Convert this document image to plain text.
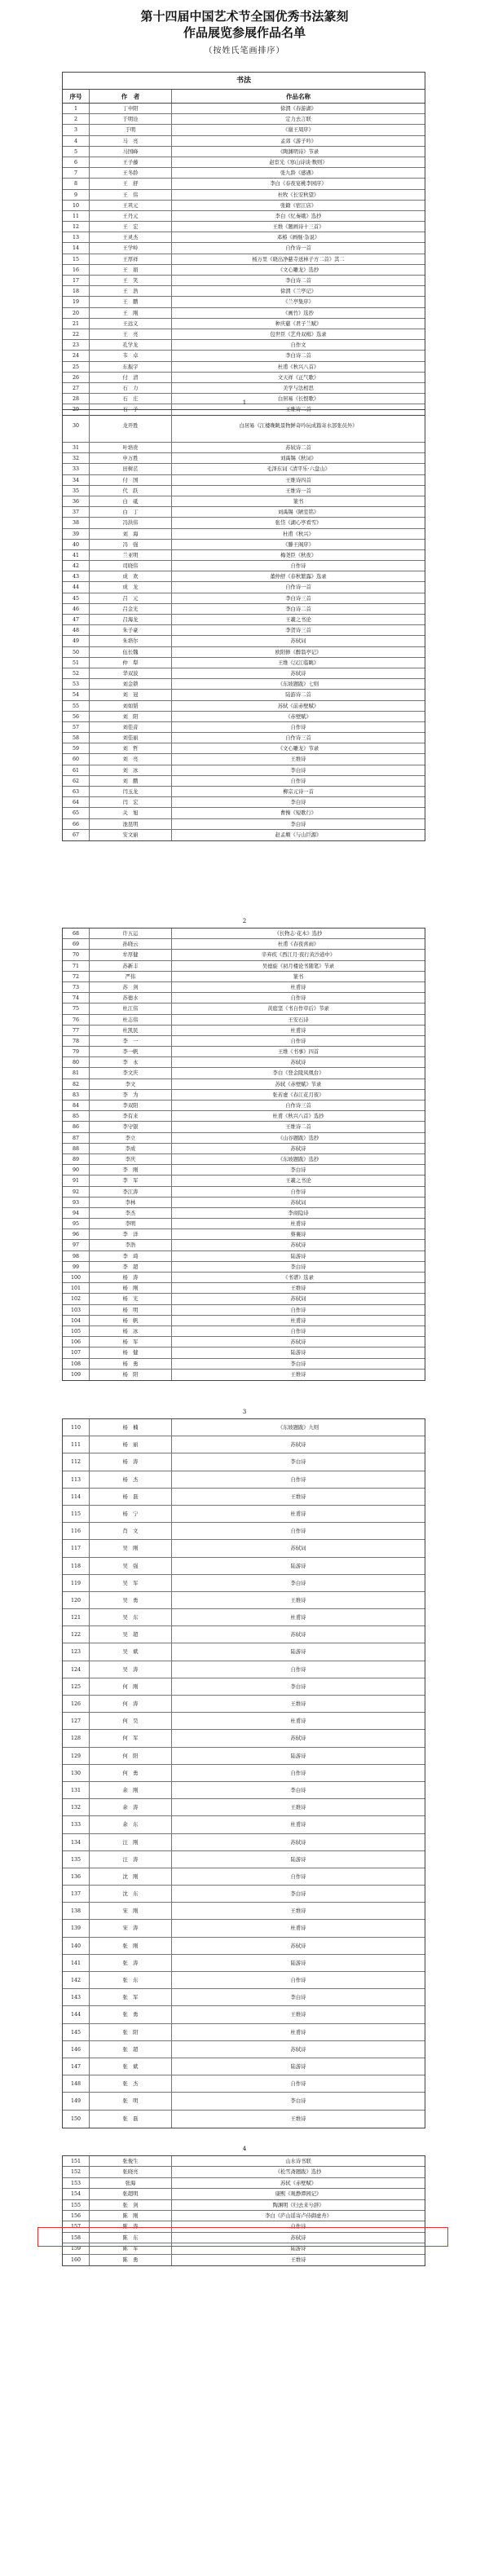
第十四届中国艺术节全国优秀书法篆刻
作品展览参展作品名单
（按姓氏笔画排序）
书法
序号	作　者	作品名称
1	丁申阳	徐渭《春游湖》
2	于明诠	定力去言联
3	于明	《谢王周序》
4	马　亮	孟郊《游子吟》
5	马国峰	《陶渊明诗》节录
6	王子藤	赵宦光《寒山诗谈·数则》
7	王冬龄	张九龄《感遇》
8	王　舒	李白《春夜宴桃李园序》
9	王　伟	杜牧《长安秋望》
10	王巩元	张籍《宿江店》
11	王丹元	李白《忆秦娥》选抄
12	王　宏	王维《题画诗十三首》
13	王灵杰	邓椿《画继·杂说》
14	王学岭	自作诗一首
15	王厚祥	杨万里《晓出净慈寺送林子方二首》其二
16	王　娟	《文心雕龙》选抄
17	王　笑	李白诗二首
18	王　浩	徐渭《兰亭记》
19	王　鹏	《兰亭集序》
20	王　刚	《画竹》选抄
21	王远义	种庆慈《君子兰赋》
22	王　亮	包世臣《艺舟双楫》选录
23	孔学龙	自作文
24	韦　卓	李白诗二首
25	东振宇	杜甫《秋兴八首》
26	付　清	文天祥《正气歌》
27	石　力	美学与法相思
28	石　庄	白居易《长恨歌》
29	石　子	王维诗二首
1
30	龙开胜	白居易《江楼晚眺景物鲜奇吟玩成篇寄水部张员外》
31	叶培贵	苏轼诗二首
32	申万胜	刘禹锡《秋词》
33	田树苌	毛泽东词《清平乐·六盘山》
34	付　国	王维诗四首
35	代　跃	王维诗一首
36	白　砥	篆书
37	白　丁	刘禹锡《陋室铭》
38	冯洪伟	张岱《湖心亭看雪》
39	刘　海	杜甫《秋兴》
40	冯　强	《滕王阁序》
41	兰亚明	梅尧臣《秋夜》
42	司晓伟	自作诗
43	成　欢	董仲舒《春秋繁露》选录
44	成　龙	自作诗一首
45	吕　元	李白诗三首
46	吕金光	李白诗二首
47	吕海龙	王羲之书论
48	朱子豪	李贺诗三首
49	朱培尔	苏轼词
50	伍长魏	欧阳修《醉翁亭记》
51	仲　犁	王维《汉江临眺》
52	华双波	苏轼诗
53	刘金锁	《东坡题跋》七则
54	刘　冠	陆游诗二首
55	刘如韬	苏轼《前赤壁赋》
56	刘　阳	《赤壁赋》
57	刘佳音	自作诗
58	刘佳丽	自作诗三首
59	刘　哲	《文心雕龙》节录
60	刘　亮	王维诗
61	刘　冰	李白诗
62	刘　鹏	自作诗
63	闫玉龙	柳宗元诗一首
64	闫　宏	李白诗
65	关　旭	曹操《短歌行》
66	池昆明	李白诗
67	安文丽	赵孟頫《与山巨源》
2
68	许五运	《长物志·花木》选抄
69	孙晓云	杜甫《春夜喜雨》
70	牟厚健	辛弃疾《西江月·夜行黄沙道中》
71	苏新丰	吴德旋《初月楼论书随笔》节录
72	严伟	篆书
73	苏　剑	杜甫诗
74	苏德水	自作诗
75	杜江伟	黄庭坚《书自作草后》节录
76	杜志伟	王安石诗
77	杜凯民	杜甫诗
78	李　一	自作诗
79	李一帆	王维《书事》四首
80	李　永	苏轼诗
81	李文庆	李白《登金陵凤凰台》
82	李文	苏轼《赤壁赋》节录
83	李　为	张若虚《春江花月夜》
84	李双阳	自作诗三首
85	李有来	杜甫《秋兴八首》选抄
86	李守银	王维诗二首
87	李立	《山谷题跋》选抄
88	李成	苏轼诗
89	李庆	《东坡题跋》选抄
90	李　刚	李白诗
91	李　军	王羲之书论
92	李江涛	自作诗
93	李林	苏轼词
94	李杰	李商隐诗
95	李明	杜甫诗
96	李　洋	蔡襄诗
97	李浩	苏轼诗
98	李　琦	陆游诗
99	李　超	李白诗
100	杨　涛	《书谱》选录
101	杨　刚	王维诗
102	杨　光	苏轼词
103	杨　明	自作诗
104	杨　帆	杜甫诗
105	杨　冰	自作诗
106	杨　军	苏轼诗
107	杨　健	陆游诗
108	杨　勇	李白诗
109	杨　阳	王维诗
3
110	杨　楠	《东坡题跋》九则
111	杨　丽	苏轼诗
112	杨　涛	李白诗
113	杨　杰	自作诗
114	杨　磊	王维诗
115	杨　宁	杜甫诗
116	肖　文	自作诗
117	吴　刚	苏轼词
118	吴　强	陆游诗
119	吴　军	李白诗
120	吴　勇	王维诗
121	吴　东	杜甫诗
122	吴　超	苏轼诗
123	吴　斌	陆游诗
124	吴　涛	自作诗
125	何　刚	李白诗
126	何　涛	王维诗
127	何　昊	杜甫诗
128	何　军	苏轼诗
129	何　阳	陆游诗
130	何　勇	自作诗
131	余　刚	李白诗
132	余　涛	王维诗
133	余　东	杜甫诗
134	汪　刚	苏轼诗
135	汪　涛	陆游诗
136	沈　刚	自作诗
137	沈　东	李白诗
138	宋　刚	王维诗
139	宋　涛	杜甫诗
140	张　刚	苏轼诗
141	张　涛	陆游诗
142	张　东	自作诗
143	张　军	李白诗
144	张　勇	王维诗
145	张　阳	杜甫诗
146	张　超	苏轼诗
147	张　斌	陆游诗
148	张　杰	自作诗
149	张　明	李白诗
150	张　磊	王维诗
4
151	张俊生	山水诗书联
152	张晓亮	《松雪斋题跋》选抄
153	张海	苏轼《赤壁赋》
154	张超明	康熙《观静潭园记》
155	张　剑	陶渊明《归去来兮辞》
156	陈　刚	李白《庐山谣寄卢侍御虚舟》
157	陈　涛	自作诗
158	陈　东	苏轼诗
159	陈　军	陆游诗
160	陈　勇	王维诗
